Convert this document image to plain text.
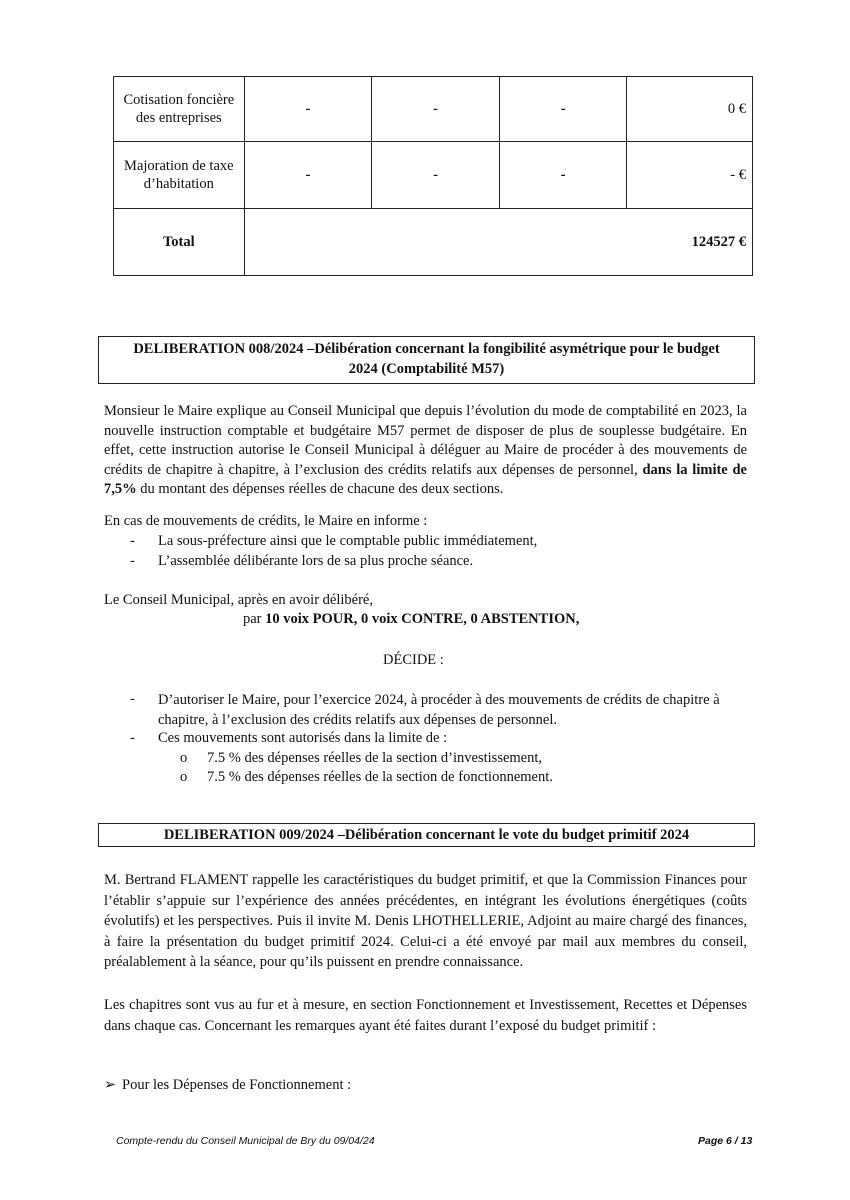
Cotisation foncière des entreprises	-	-	-	0 €
Majoration de taxe d’habitation	-	-	-	- €
Total				124527 €
DELIBERATION 008/2024 –Délibération concernant la fongibilité asymétrique pour le budget
2024 (Comptabilité M57)
Monsieur le Maire explique au Conseil Municipal que depuis l’évolution du mode de comptabilité en 2023, la nouvelle instruction comptable et budgétaire M57 permet de disposer de plus de souplesse budgétaire. En effet, cette instruction autorise le Conseil Municipal à déléguer au Maire de procéder à des mouvements de crédits de chapitre à chapitre, à l’exclusion des crédits relatifs aux dépenses de personnel, dans la limite de 7,5% du montant des dépenses réelles de chacune des deux sections.
En cas de mouvements de crédits, le Maire en informe :
- La sous-préfecture ainsi que le comptable public immédiatement,
- L’assemblée délibérante lors de sa plus proche séance.
Le Conseil Municipal, après en avoir délibéré,
par 10 voix POUR, 0 voix CONTRE, 0 ABSTENTION,
DÉCIDE :
- D’autoriser le Maire, pour l’exercice 2024, à procéder à des mouvements de crédits de chapitre à chapitre, à l’exclusion des crédits relatifs aux dépenses de personnel.
- Ces mouvements sont autorisés dans la limite de :
o 7.5 % des dépenses réelles de la section d’investissement,
o 7.5 % des dépenses réelles de la section de fonctionnement.
DELIBERATION 009/2024 –Délibération concernant le vote du budget primitif 2024
M. Bertrand FLAMENT rappelle les caractéristiques du budget primitif, et que la Commission Finances pour l’établir s’appuie sur l’expérience des années précédentes, en intégrant les évolutions énergétiques (coûts évolutifs) et les perspectives. Puis il invite M. Denis LHOTHELLERIE, Adjoint au maire chargé des finances, à faire la présentation du budget primitif 2024. Celui-ci a été envoyé par mail aux membres du conseil, préalablement à la séance, pour qu’ils puissent en prendre connaissance.
Les chapitres sont vus au fur et à mesure, en section Fonctionnement et Investissement, Recettes et Dépenses dans chaque cas. Concernant les remarques ayant été faites durant l’exposé du budget primitif :
➢ Pour les Dépenses de Fonctionnement :
Compte-rendu du Conseil Municipal de Bry du 09/04/24	Page 6 / 13
